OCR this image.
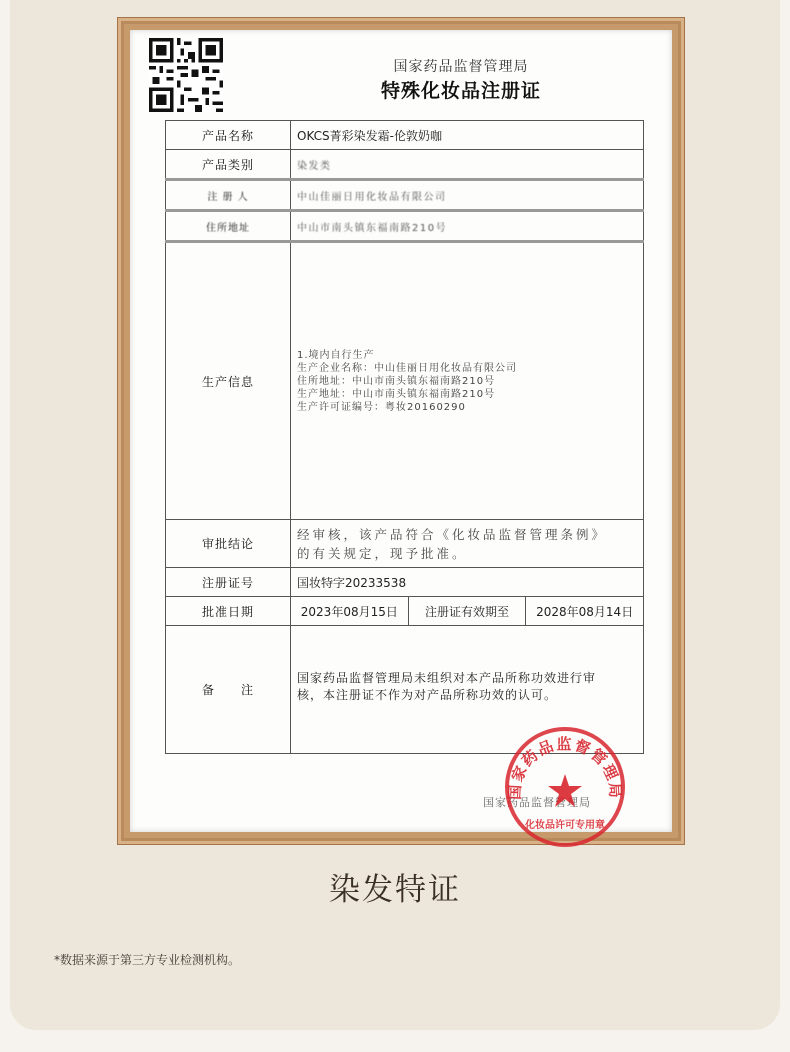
国家药品监督管理局
特殊化妆品注册证
产品名称	OKCS菁彩染发霜-伦敦奶咖		
产品类别	染发类		
注 册 人	中山佳丽日用化妆品有限公司		
住所地址	中山市南头镇东福南路210号		
生产信息	1.境内自行生产
生产企业名称：中山佳丽日用化妆品有限公司
住所地址：中山市南头镇东福南路210号
生产地址：中山市南头镇东福南路210号
生产许可证编号：粤妆20160290		

审批结论	经审核，该产品符合《化妆品监督管理条例》
的有关规定，现予批准。		

注册证号	国妆特字20233538		
批准日期	2023年08月15日	注册证有效期至	2028年08月14日
备　　注	国家药品监督管理局未组织对本产品所称功效进行审
核，本注册证不作为对产品所称功效的认可。		
国家药品监督管理局
国家药品监督管理局
化妆品许可专用章
染发特证
*数据来源于第三方专业检测机构。
